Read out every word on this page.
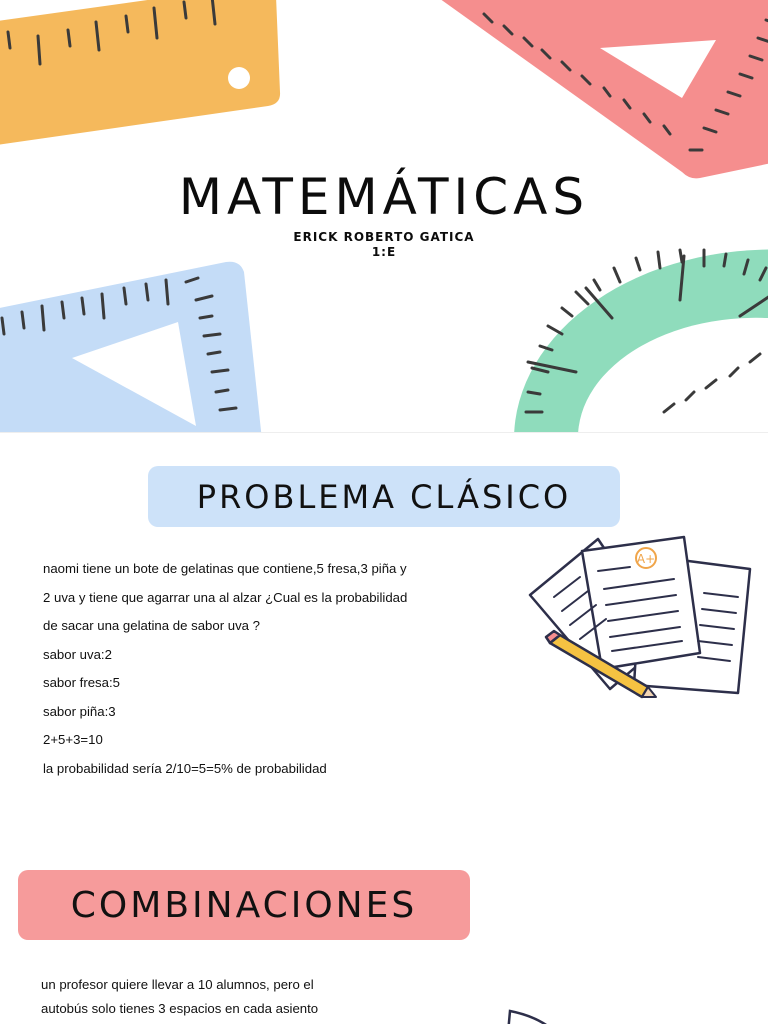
MATEMÁTICAS
ERICK ROBERTO GATICA
1:E
PROBLEMA CLÁSICO

naomi tiene un bote de gelatinas que contiene,5 fresa,3 piña y

2 uva y tiene que agarrar una al alzar ¿Cual es la probabilidad

de sacar una gelatina de sabor uva ?

sabor uva:2

sabor fresa:5

sabor piña:3

2+5+3=10

la probabilidad sería 2/10=5=5% de probabilidad

A+
COMBINACIONES

un profesor quiere llevar a 10 alumnos, pero el

autobús solo tienes 3 espacios en cada asiento
